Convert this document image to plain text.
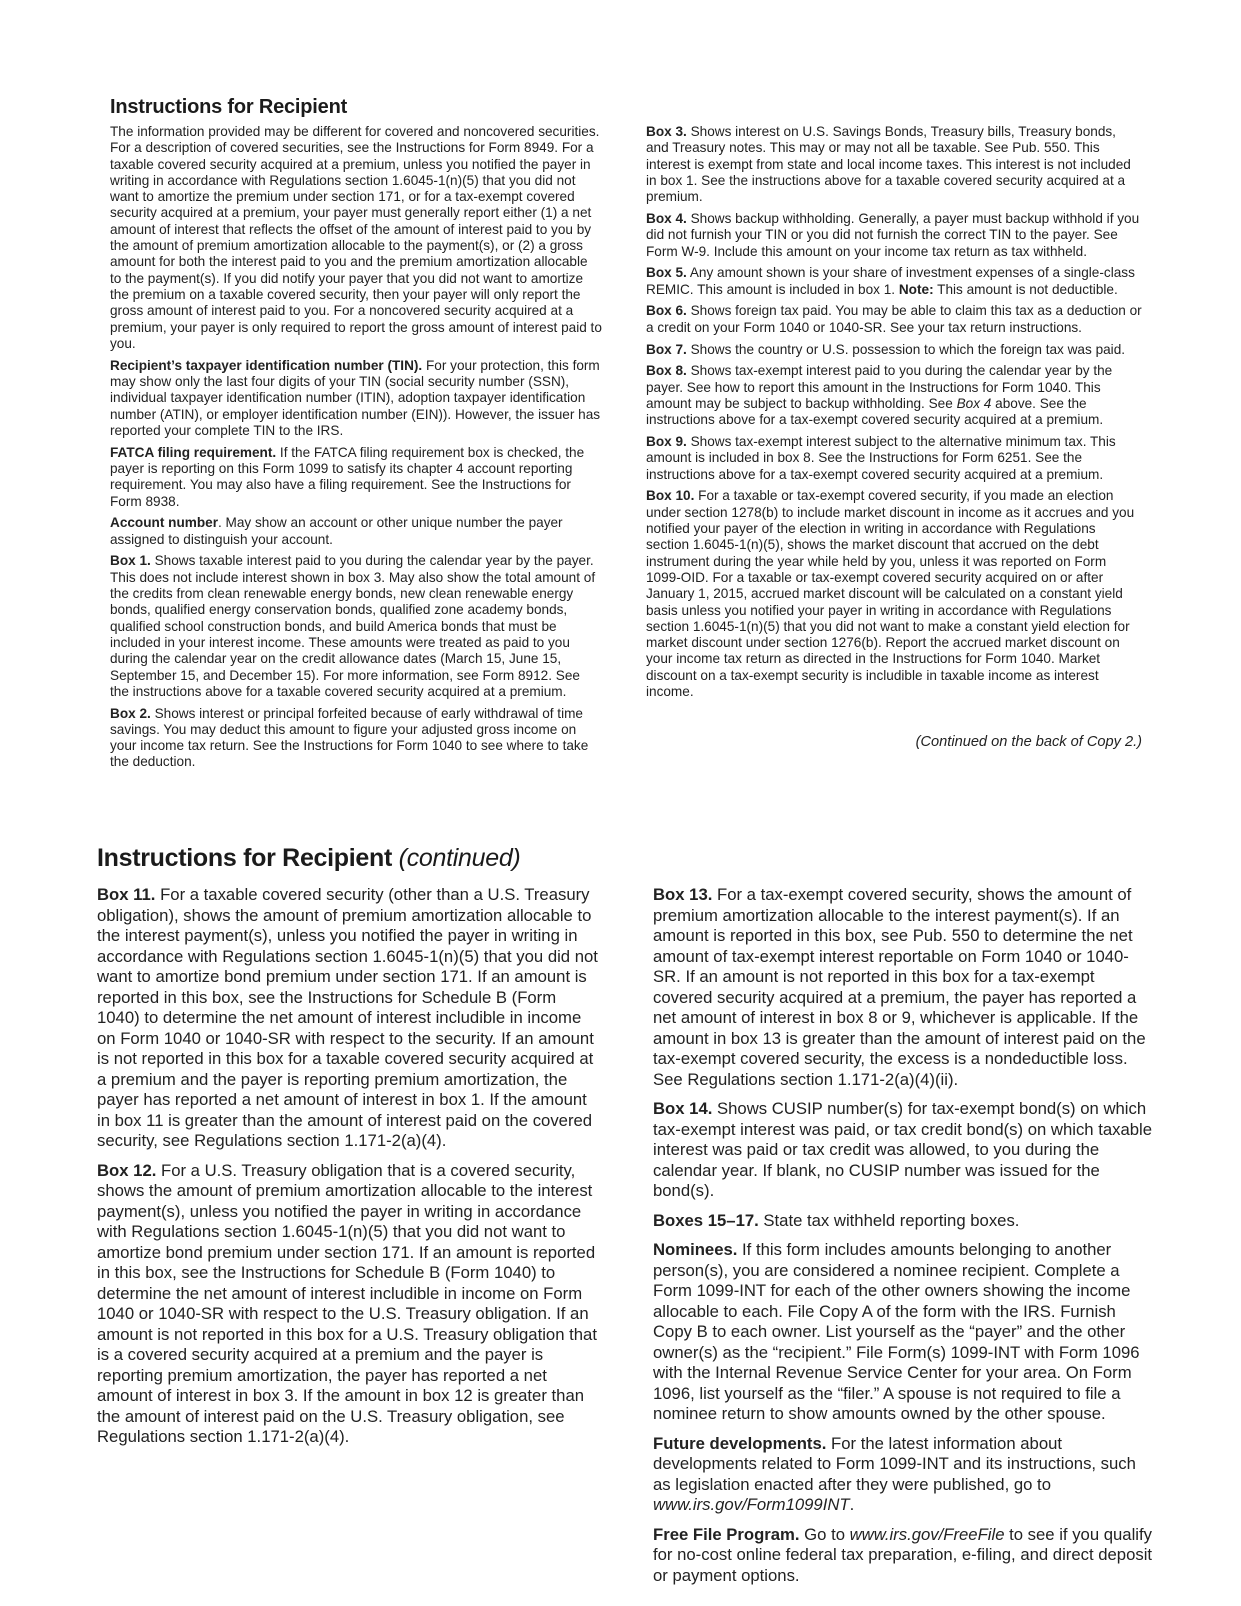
Instructions for Recipient

The information provided may be different for covered and noncovered securities. For a description of covered securities, see the Instructions for Form 8949. For a taxable covered security acquired at a premium, unless you notified the payer in writing in accordance with Regulations section 1.6045-1(n)(5) that you did not want to amortize the premium under section 171, or for a tax-exempt covered security acquired at a premium, your payer must generally report either (1) a net amount of interest that reflects the offset of the amount of interest paid to you by the amount of premium amortization allocable to the payment(s), or (2) a gross amount for both the interest paid to you and the premium amortization allocable to the payment(s). If you did notify your payer that you did not want to amortize the premium on a taxable covered security, then your payer will only report the gross amount of interest paid to you. For a noncovered security acquired at a premium, your payer is only required to report the gross amount of interest paid to you.

Recipient’s taxpayer identification number (TIN). For your protection, this form may show only the last four digits of your TIN (social security number (SSN), individual taxpayer identification number (ITIN), adoption taxpayer identification number (ATIN), or employer identification number (EIN)). However, the issuer has reported your complete TIN to the IRS.

FATCA filing requirement. If the FATCA filing requirement box is checked, the payer is reporting on this Form 1099 to satisfy its chapter 4 account reporting requirement. You may also have a filing requirement. See the Instructions for Form 8938.

Account number. May show an account or other unique number the payer assigned to distinguish your account.

Box 1. Shows taxable interest paid to you during the calendar year by the payer. This does not include interest shown in box 3. May also show the total amount of the credits from clean renewable energy bonds, new clean renewable energy bonds, qualified energy conservation bonds, qualified zone academy bonds, qualified school construction bonds, and build America bonds that must be included in your interest income. These amounts were treated as paid to you during the calendar year on the credit allowance dates (March 15, June 15, September 15, and December 15). For more information, see Form 8912. See the instructions above for a taxable covered security acquired at a premium.

Box 2. Shows interest or principal forfeited because of early withdrawal of time savings. You may deduct this amount to figure your adjusted gross income on your income tax return. See the Instructions for Form 1040 to see where to take the deduction.

Box 3. Shows interest on U.S. Savings Bonds, Treasury bills, Treasury bonds, and Treasury notes. This may or may not all be taxable. See Pub. 550. This interest is exempt from state and local income taxes. This interest is not included in box 1. See the instructions above for a taxable covered security acquired at a premium.

Box 4. Shows backup withholding. Generally, a payer must backup withhold if you did not furnish your TIN or you did not furnish the correct TIN to the payer. See Form W-9. Include this amount on your income tax return as tax withheld.

Box 5. Any amount shown is your share of investment expenses of a single-class REMIC. This amount is included in box 1. Note: This amount is not deductible.

Box 6. Shows foreign tax paid. You may be able to claim this tax as a deduction or a credit on your Form 1040 or 1040-SR. See your tax return instructions.

Box 7. Shows the country or U.S. possession to which the foreign tax was paid.

Box 8. Shows tax-exempt interest paid to you during the calendar year by the payer. See how to report this amount in the Instructions for Form 1040. This amount may be subject to backup withholding. See Box 4 above. See the instructions above for a tax-exempt covered security acquired at a premium.

Box 9. Shows tax-exempt interest subject to the alternative minimum tax. This amount is included in box 8. See the Instructions for Form 6251. See the instructions above for a tax-exempt covered security acquired at a premium.

Box 10. For a taxable or tax-exempt covered security, if you made an election under section 1278(b) to include market discount in income as it accrues and you notified your payer of the election in writing in accordance with Regulations section 1.6045-1(n)(5), shows the market discount that accrued on the debt instrument during the year while held by you, unless it was reported on Form 1099-OID. For a taxable or tax-exempt covered security acquired on or after January 1, 2015, accrued market discount will be calculated on a constant yield basis unless you notified your payer in writing in accordance with Regulations section 1.6045-1(n)(5) that you did not want to make a constant yield election for market discount under section 1276(b). Report the accrued market discount on your income tax return as directed in the Instructions for Form 1040. Market discount on a tax-exempt security is includible in taxable income as interest income.

(Continued on the back of Copy 2.)

Instructions for Recipient (continued)

Box 11. For a taxable covered security (other than a U.S. Treasury obligation), shows the amount of premium amortization allocable to the interest payment(s), unless you notified the payer in writing in accordance with Regulations section 1.6045-1(n)(5) that you did not want to amortize bond premium under section 171. If an amount is reported in this box, see the Instructions for Schedule B (Form 1040) to determine the net amount of interest includible in income on Form 1040 or 1040-SR with respect to the security. If an amount is not reported in this box for a taxable covered security acquired at a premium and the payer is reporting premium amortization, the payer has reported a net amount of interest in box 1. If the amount in box 11 is greater than the amount of interest paid on the covered security, see Regulations section 1.171-2(a)(4).

Box 12. For a U.S. Treasury obligation that is a covered security, shows the amount of premium amortization allocable to the interest payment(s), unless you notified the payer in writing in accordance with Regulations section 1.6045-1(n)(5) that you did not want to amortize bond premium under section 171. If an amount is reported in this box, see the Instructions for Schedule B (Form 1040) to determine the net amount of interest includible in income on Form 1040 or 1040-SR with respect to the U.S. Treasury obligation. If an amount is not reported in this box for a U.S. Treasury obligation that is a covered security acquired at a premium and the payer is reporting premium amortization, the payer has reported a net amount of interest in box 3. If the amount in box 12 is greater than the amount of interest paid on the U.S. Treasury obligation, see Regulations section 1.171-2(a)(4).

Box 13. For a tax-exempt covered security, shows the amount of premium amortization allocable to the interest payment(s). If an amount is reported in this box, see Pub. 550 to determine the net amount of tax-exempt interest reportable on Form 1040 or 1040-SR. If an amount is not reported in this box for a tax-exempt covered security acquired at a premium, the payer has reported a net amount of interest in box 8 or 9, whichever is applicable. If the amount in box 13 is greater than the amount of interest paid on the tax-exempt covered security, the excess is a nondeductible loss. See Regulations section 1.171-2(a)(4)(ii).

Box 14. Shows CUSIP number(s) for tax-exempt bond(s) on which tax-exempt interest was paid, or tax credit bond(s) on which taxable interest was paid or tax credit was allowed, to you during the calendar year. If blank, no CUSIP number was issued for the bond(s).

Boxes 15–17. State tax withheld reporting boxes.

Nominees. If this form includes amounts belonging to another person(s), you are considered a nominee recipient. Complete a Form 1099-INT for each of the other owners showing the income allocable to each. File Copy A of the form with the IRS. Furnish Copy B to each owner. List yourself as the “payer” and the other owner(s) as the “recipient.” File Form(s) 1099-INT with Form 1096 with the Internal Revenue Service Center for your area. On Form 1096, list yourself as the “filer.” A spouse is not required to file a nominee return to show amounts owned by the other spouse.

Future developments. For the latest information about developments related to Form 1099-INT and its instructions, such as legislation enacted after they were published, go to www.irs.gov/Form1099INT.

Free File Program. Go to www.irs.gov/FreeFile to see if you qualify for no-cost online federal tax preparation, e-filing, and direct deposit or payment options.
